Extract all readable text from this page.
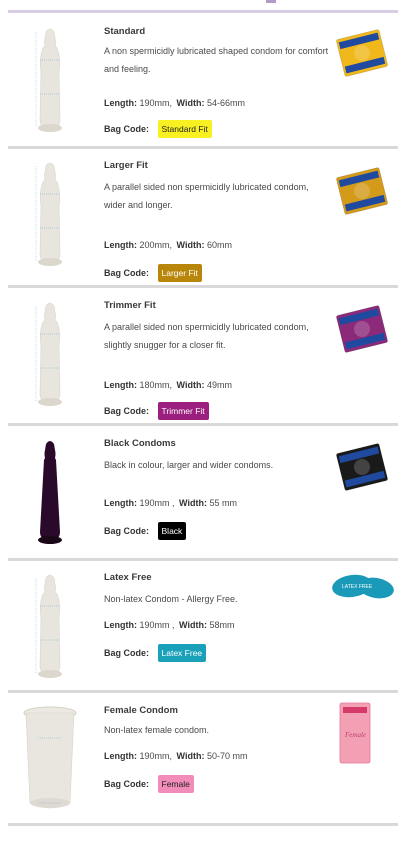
Standard
A non spermicidly lubricated shaped condom for comfort and feeling.
Length: 190mm, Width: 54-66mm
Bag Code: Standard Fit
Larger Fit
A parallel sided non spermicidly lubricated condom, wider and longer.
Length: 200mm, Width: 60mm
Bag Code: Larger Fit
Trimmer Fit
A parallel sided non spermicidly lubricated condom, slightly snugger for a closer fit.
Length: 180mm, Width: 49mm
Bag Code: Trimmer Fit
Black Condoms
Black in colour, larger and wider condoms.
Length: 190mm , Width: 55 mm
Bag Code: Black
Latex Free
Non-latex Condom - Allergy Free.
Length: 190mm , Width: 58mm
Bag Code: Latex Free
LATEX FREE
Female Condom
Non-latex female condom.
Length: 190mm, Width: 50-70 mm
Bag Code: Female
Female
